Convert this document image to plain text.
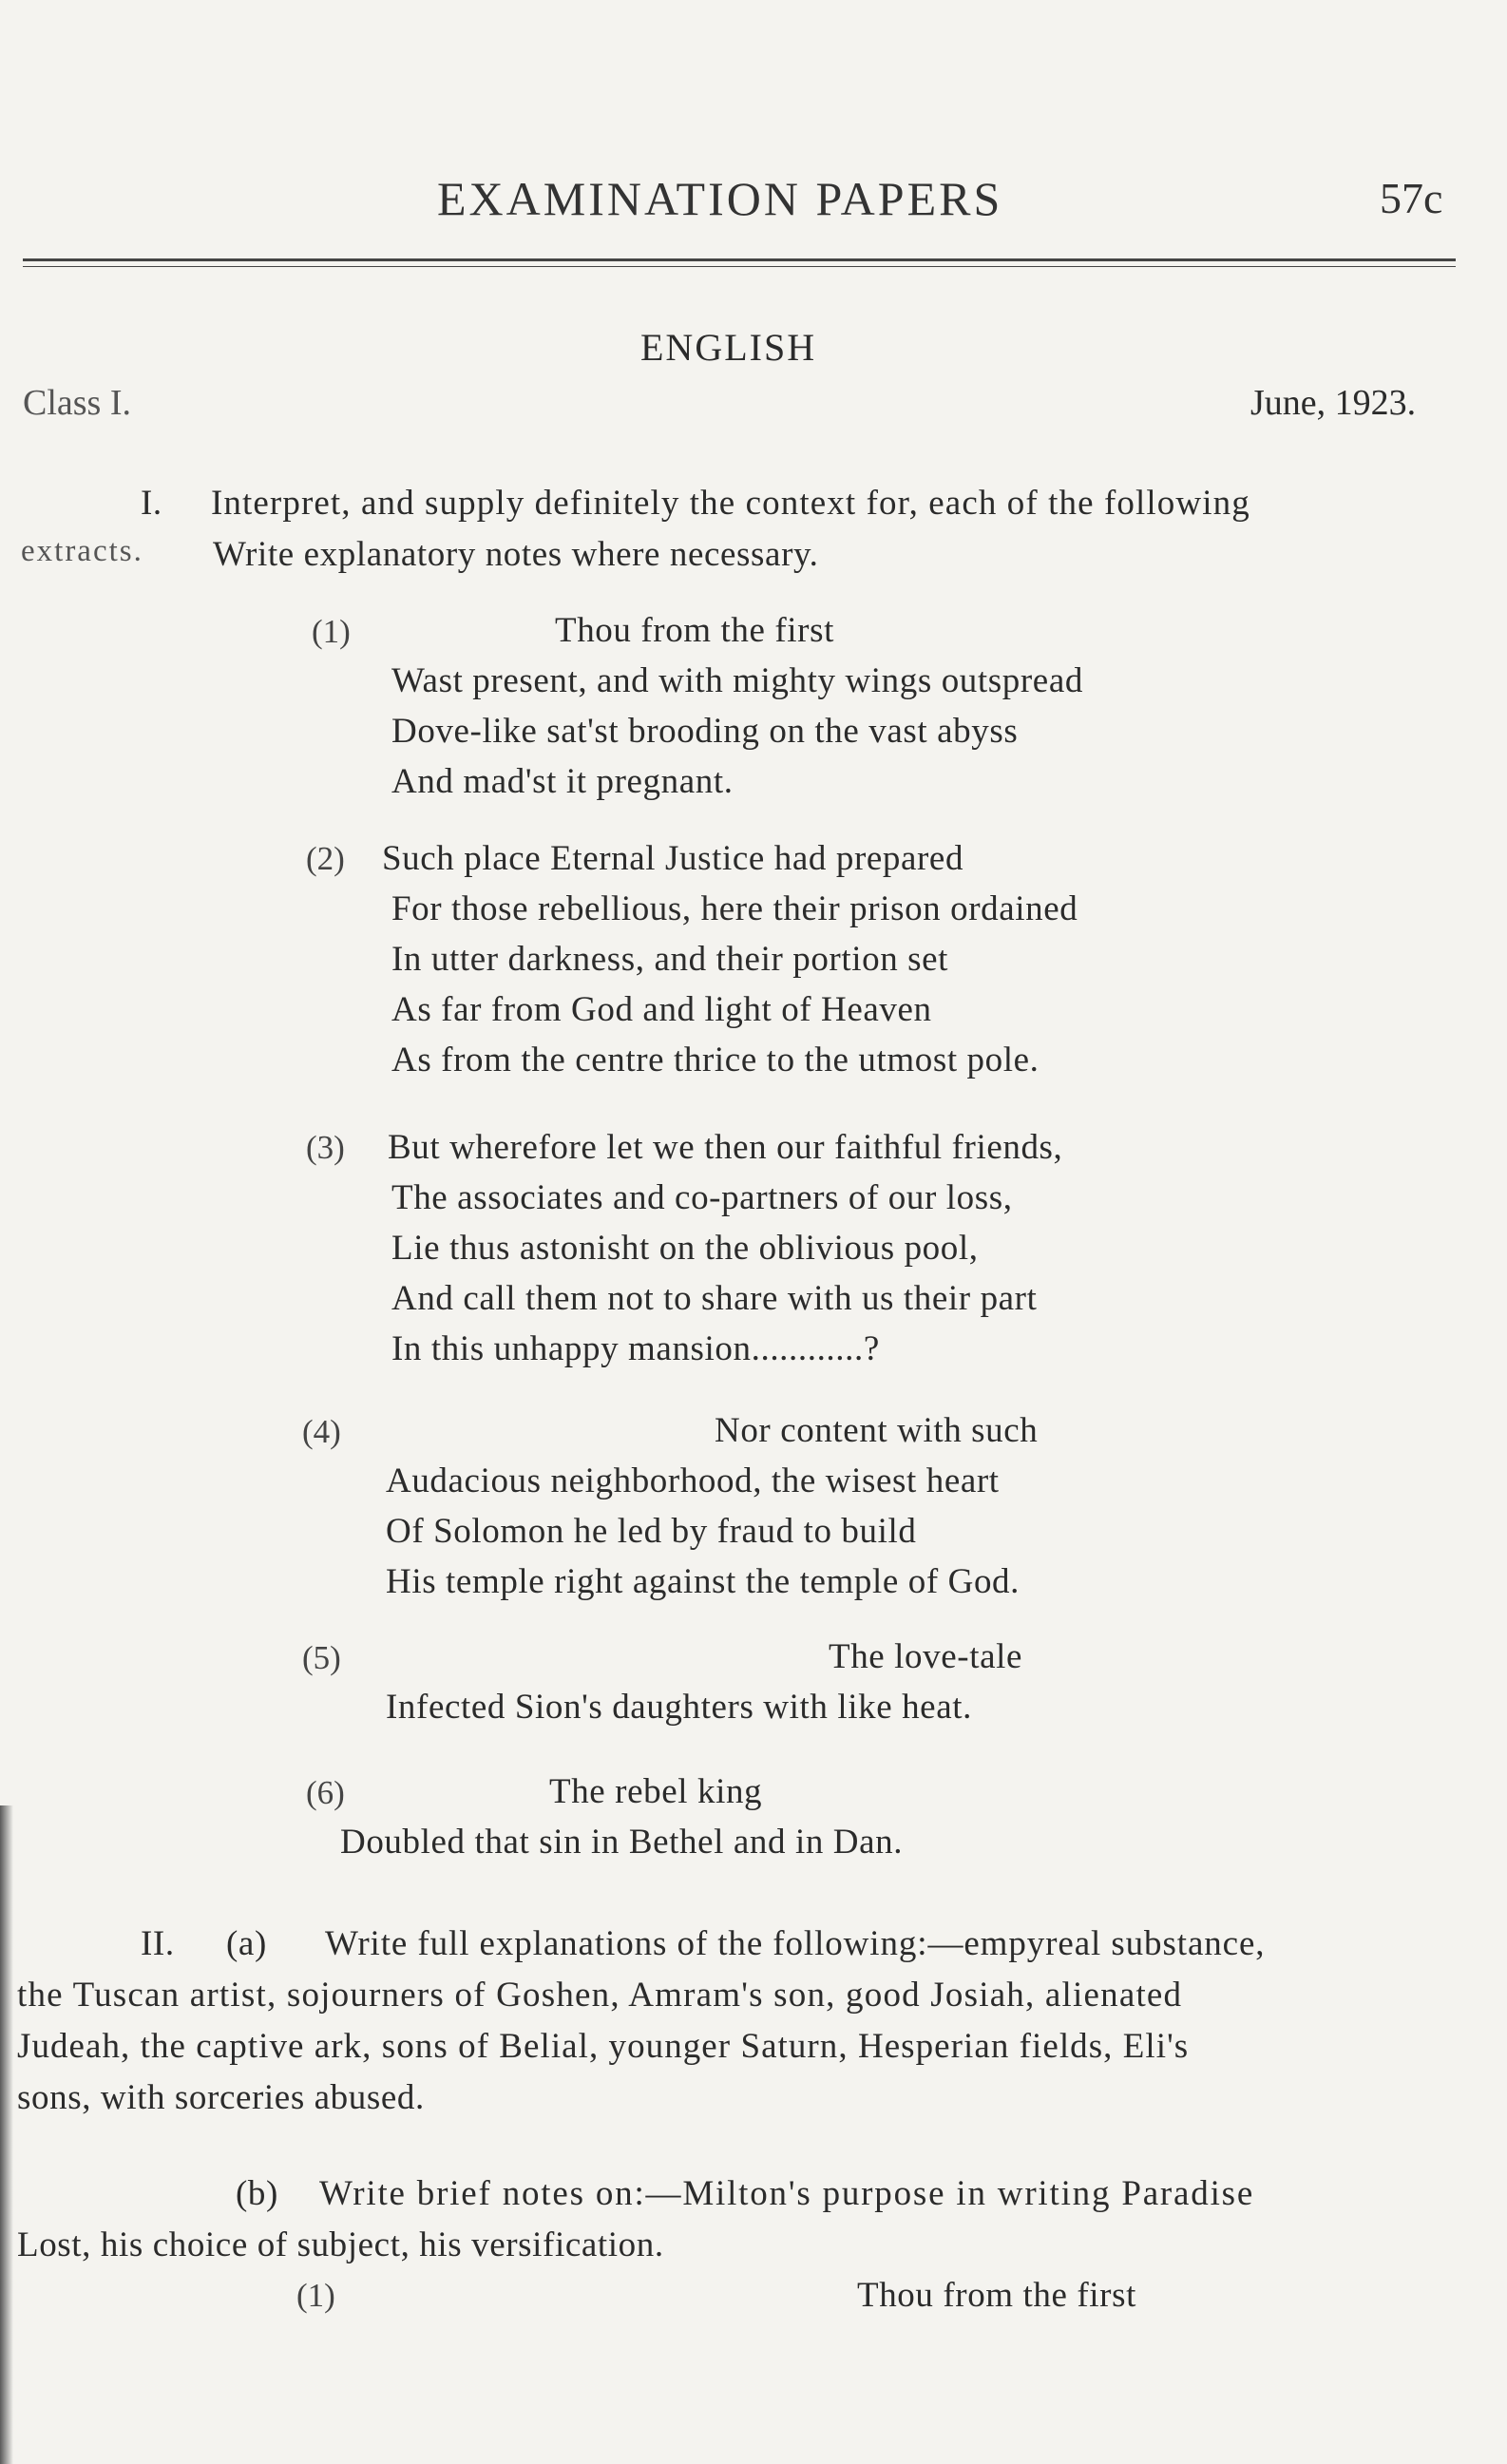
EXAMINATION PAPERS	57c
ENGLISH
Class I.	June, 1923.
I. Interpret, and supply definitely the context for, each of the following
extracts. Write explanatory notes where necessary.
(1)	Thou from the first
Wast present, and with mighty wings outspread
Dove-like sat'st brooding on the vast abyss
And mad'st it pregnant.
(2) Such place Eternal Justice had prepared
For those rebellious, here their prison ordained
In utter darkness, and their portion set
As far from God and light of Heaven
As from the centre thrice to the utmost pole.
(3) But wherefore let we then our faithful friends,
The associates and co-partners of our loss,
Lie thus astonisht on the oblivious pool,
And call them not to share with us their part
In this unhappy mansion............?
(4)	Nor content with such
Audacious neighborhood, the wisest heart
Of Solomon he led by fraud to build
His temple right against the temple of God.
(5)	The love-tale
Infected Sion's daughters with like heat.
(6)	The rebel king
Doubled that sin in Bethel and in Dan.
II. (a) Write full explanations of the following:—empyreal substance,
the Tuscan artist, sojourners of Goshen, Amram's son, good Josiah, alienated
Judeah, the captive ark, sons of Belial, younger Saturn, Hesperian fields, Eli's
sons, with sorceries abused.
(b) Write brief notes on:—Milton's purpose in writing Paradise
Lost, his choice of subject, his versification.
(1)	Thou from the first
